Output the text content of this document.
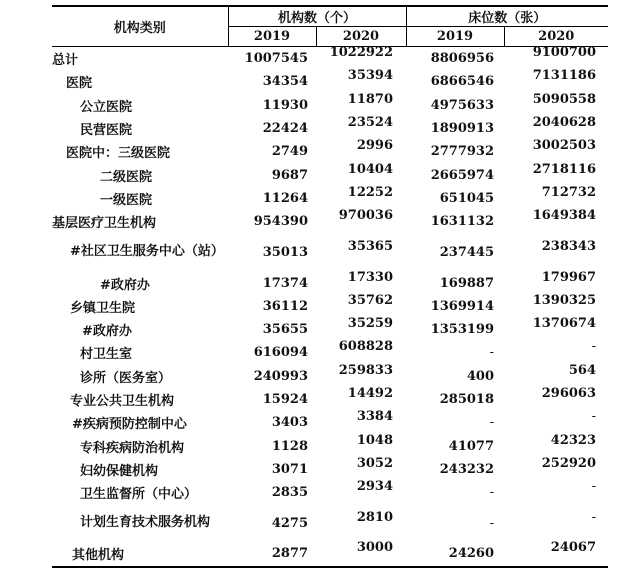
机构类别	机构数（个）		床位数（张）	
	2019	2020	2019	2020
总计	1007545	1022922	8806956	9100700
医院	34354	35394	6866546	7131186
公立医院	11930	11870	4975633	5090558
民营医院	22424	23524	1890913	2040628
医院中：三级医院	2749	2996	2777932	3002503
二级医院	9687	10404	2665974	2718116
一级医院	11264	12252	651045	712732
基层医疗卫生机构	954390	970036	1631132	1649384
#社区卫生服务中心（站）	35013	35365	237445	238343
#政府办	17374	17330	169887	179967
乡镇卫生院	36112	35762	1369914	1390325
#政府办	35655	35259	1353199	1370674
村卫生室	616094	608828	-	-
诊所（医务室）	240993	259833	400	564
专业公共卫生机构	15924	14492	285018	296063
#疾病预防控制中心	3403	3384	-	-
专科疾病防治机构	1128	1048	41077	42323
妇幼保健机构	3071	3052	243232	252920
卫生监督所（中心）	2835	2934	-	-

计划生育技术服务机构	4275	2810	-	-
其他机构	2877	3000	24260	24067
